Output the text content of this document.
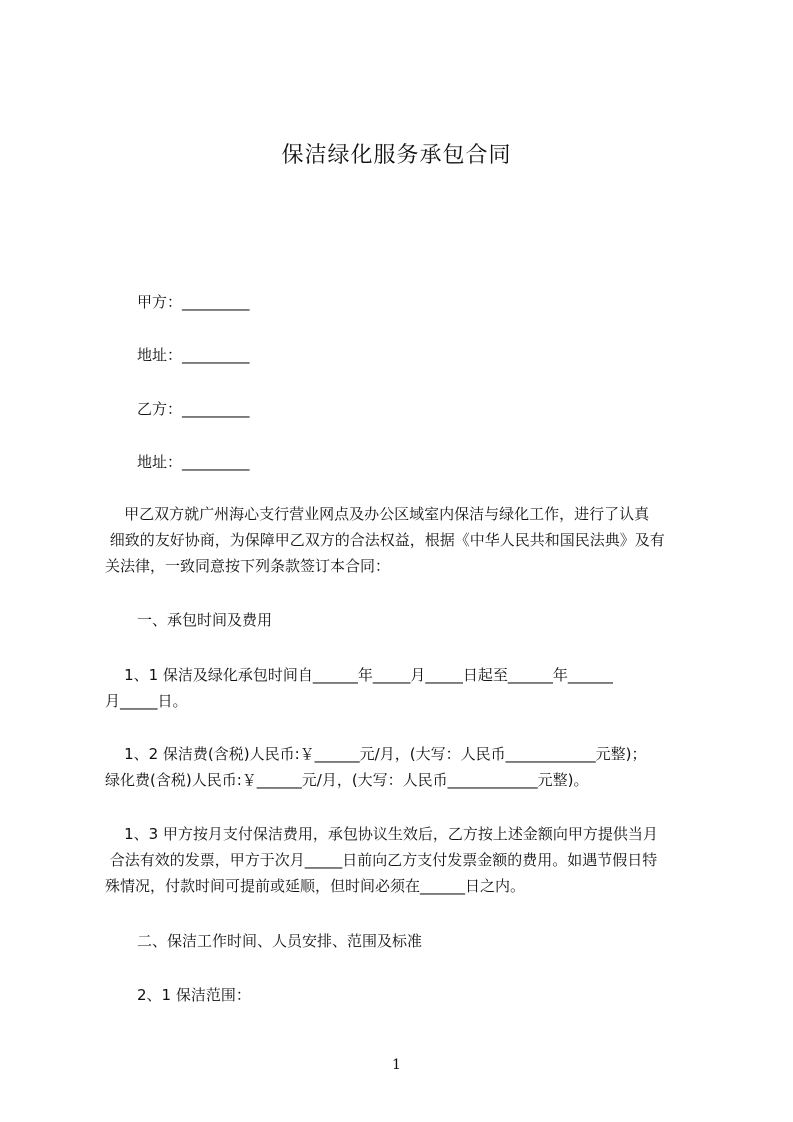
保洁绿化服务承包合同
甲方：_________
地址：_________
乙方：_________
地址：_________
甲乙双方就广州海心支行营业网点及办公区域室内保洁与绿化工作，进行了认真
细致的友好协商，为保障甲乙双方的合法权益，根据《中华人民共和国民法典》及有
关法律，一致同意按下列条款签订本合同：
一、承包时间及费用
1、1 保洁及绿化承包时间自______年_____月_____日起至______年______
月_____日。
1、2 保洁费(含税)人民币:￥______元/月，(大写：人民币____________元整)；
绿化费(含税)人民币:￥______元/月，(大写：人民币____________元整)。
1、3 甲方按月支付保洁费用，承包协议生效后，乙方按上述金额向甲方提供当月
合法有效的发票，甲方于次月_____日前向乙方支付发票金额的费用。如遇节假日特
殊情况，付款时间可提前或延顺，但时间必须在______日之内。
二、保洁工作时间、人员安排、范围及标准
2、1 保洁范围：
1
